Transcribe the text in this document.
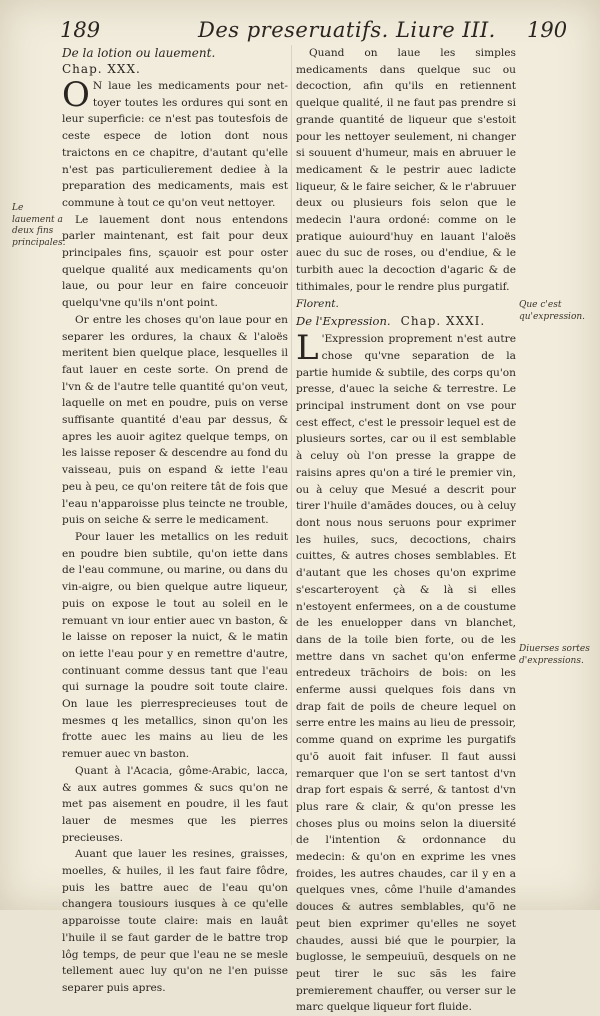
189	Des preseruatifs. Liure III. 190

De la lotion ou lauement.

Chap. XXX.

O N laue les medicaments pour net-toyer toutes les ordures qui sont en leur superficie: ce n'est pas toutesfois de ceste espece de lotion dont nous traictons en ce chapitre, d'autant qu'elle n'est pas particulierement dediee à la preparation des medicaments, mais est commune à tout ce qu'on veut nettoyer.

Le lauement dont nous entendons parler maintenant, est fait pour deux principales fins, sçauoir est pour oster quelque qualité aux medicaments qu'on laue, ou pour leur en faire conceuoir quelqu'vne qu'ils n'ont point.

Or entre les choses qu'on laue pour en separer les ordures, la chaux & l'aloës meritent bien quelque place, lesquelles il faut lauer en ceste sorte. On prend de l'vn & de l'autre telle quantité qu'on veut, laquelle on met en poudre, puis on verse suffisante quantité d'eau par dessus, & apres les auoir agitez quelque temps, on les laisse reposer & descendre au fond du vaisseau, puis on espand & iette l'eau peu à peu, ce qu'on reitere tât de fois que l'eau n'apparoisse plus teincte ne trouble, puis on seiche & serre le medicament.

Pour lauer les metallics on les reduit en poudre bien subtile, qu'on iette dans de l'eau commune, ou marine, ou dans du vin-aigre, ou bien quelque autre liqueur, puis on expose le tout au soleil en le remuant vn iour entier auec vn baston, & le laisse on reposer la nuict, & le matin on iette l'eau pour y en remettre d'autre, continuant comme dessus tant que l'eau qui surnage la poudre soit toute claire. On laue les pierresprecieuses tout de mesmes q les metallics, sinon qu'on les frotte auec les mains au lieu de les remuer auec vn baston.

Quant à l'Acacia, gôme-Arabic, lacca, & aux autres gommes & sucs qu'on ne met pas aisement en poudre, il les faut lauer de mesmes que les pierres precieuses.

Auant que lauer les resines, graisses, moelles, & huiles, il les faut faire fôdre, puis les battre auec de l'eau qu'on changera tousiours iusques à ce qu'elle apparoisse toute claire: mais en lauât l'huile il se faut garder de le battre trop lôg temps, de peur que l'eau ne se mesle tellement auec luy qu'on ne l'en puisse separer puis apres.

Quand on laue les simples medicaments dans quelque suc ou decoction, afin qu'ils en retiennent quelque qualité, il ne faut pas prendre si grande quantité de liqueur que s'estoit pour les nettoyer seulement, ni changer si souuent d'humeur, mais en abruuer le medicament & le pestrir auec ladicte liqueur, & le faire seicher, & le r'abruuer deux ou plusieurs fois selon que le medecin l'aura ordoné: comme on le pratique auiourd'huy en lauant l'aloës auec du suc de roses, ou d'endiue, & le turbith auec la decoction d'agaric & de tithimales, pour le rendre plus purgatif.

Florent.

De l'Expression. Chap. XXXI.

L 'Expression proprement n'est autre chose qu'vne separation de la partie humide & subtile, des corps qu'on presse, d'auec la seiche & terrestre. Le principal instrument dont on vse pour cest effect, c'est le pressoir lequel est de plusieurs sortes, car ou il est semblable à celuy où l'on presse la grappe de raisins apres qu'on a tiré le premier vin, ou à celuy que Mesué a descrit pour tirer l'huile d'amãdes douces, ou à celuy dont nous nous seruons pour exprimer les huiles, sucs, decoctions, chairs cuittes, & autres choses semblables. Et d'autant que les choses qu'on exprime s'escarteroyent çà & là si elles n'estoyent enfermees, on a de coustume de les enuelopper dans vn blanchet, dans de la toile bien forte, ou de les mettre dans vn sachet qu'on enferme entredeux trãchoirs de bois: on les enferme aussi quelques fois dans vn drap fait de poils de cheure lequel on serre entre les mains au lieu de pressoir, comme quand on exprime les purgatifs qu'õ auoit fait infuser. Il faut aussi remarquer que l'on se sert tantost d'vn drap fort espais & serré, & tantost d'vn plus rare & clair, & qu'on presse les choses plus ou moins selon la diuersité de l'intention & ordonnance du medecin: & qu'on en exprime les vnes froides, les autres chaudes, car il y en a quelques vnes, côme l'huile d'amandes douces & autres semblables, qu'õ ne peut bien exprimer qu'elles ne soyet chaudes, aussi bié que le pourpier, la buglosse, le sempeuiuũ, desquels on ne peut tirer le suc sãs les faire premierement chauffer, ou verser sur le marc quelque liqueur fort fluide.

Le lauement a deux fins principales.
Que c'est qu'expression.
Diuerses sortes d'expressions.
